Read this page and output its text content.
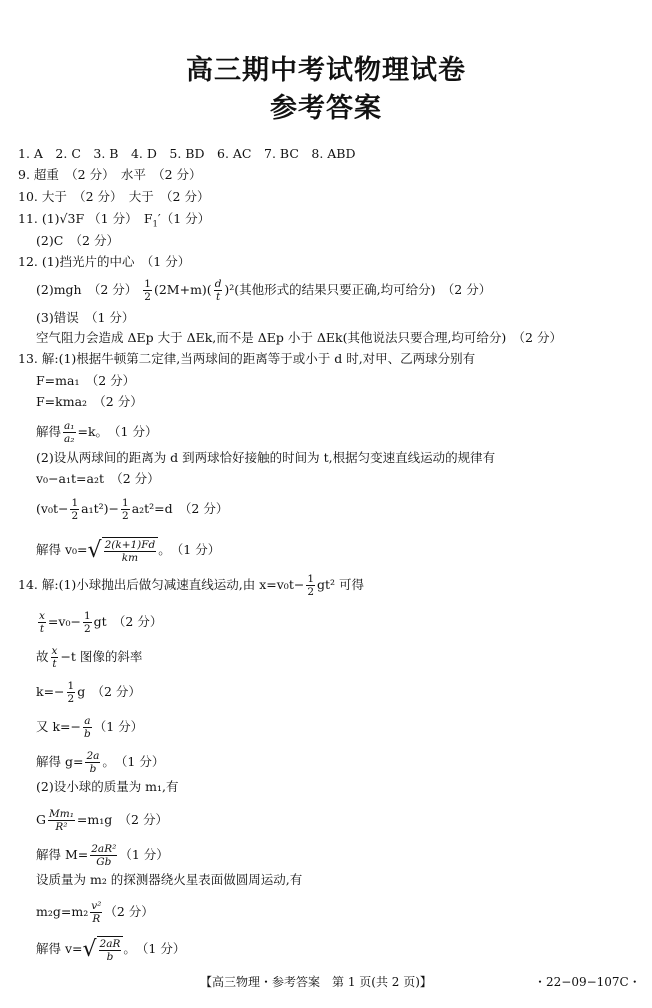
高三期中考试物理试卷
参考答案
1. A　2. C　3. B　4. D　5. BD　6. AC　7. BC　8. ABD
9. 超重　（2 分）　水平　（2 分）
10. 大于　（2 分）　大于　（2 分）
11. (1)√3F （1 分）　$F_1'(1$ 分）
(2)C　（2 分）
12. (1)挡光片的中心　（1 分）
(2)mgh　（2 分） $\frac{1}{2} (2M+m)( \frac{d}{t} )^2$(其他形式的结果只要正确,均可给分)　（2 分）
(3)错误　（1 分）
空气阻力会造成 ΔEp 大于 ΔEk,而不是 ΔEp 小于 ΔEk(其他说法只要合理,均可给分)　（2 分）
13. 解:(1)根据牛顿第二定律,当两球间的距离等于或小于 d 时,对甲、乙两球分别有
F=ma₁　（2 分）
F=kma₂　（2 分）
解得 $\frac{\text{a₁}}{\text{a₂}} =k$。　（1 分）
(2)设从两球间的距离为 d 到两球恰好接触的时间为 t,根据匀变速直线运动的规律有
v₀−a₁t=a₂t　（2 分）
$(v_0t- \frac{1}{2} a_1t^2)- \frac{1}{2} a_2t^2=d$　（2 分）
解得 $v_0=√ \frac{2(k+1)Fd}{km}$ 。　（1 分）
14. 解:(1)小球抛出后做匀减速直线运动,由 $x=v_0t- \frac{1}{2} gt^2$ 可得
$\frac{x}{t} =v_0- \frac{1}{2}$ gt　（2 分）
故 $\frac{x}{t} -t$ 图像的斜率
$k=- \frac{1}{2}$ g　（2 分）
又 $k=- \frac{a}{b} (1$ 分）
解得 $g= \frac{2a}{b}$ 。　（1 分）
(2)设小球的质量为 m₁,有
G $\frac{\text{Mm₁}}{\text{R²}} =m_1g$　（2 分）
解得 $M= \frac{\text{2aR²}}{Gb} (1$ 分）
设质量为 m₂ 的探测器绕火星表面做圆周运动,有
$m_2g=m_2 \frac{\text{v²}}{R} (2$ 分）
解得 $v=√ \frac{2aR}{b}$ 。　（1 分）
【高三物理・参考答案　第 1 页(共 2 页)】	・22−09−107C・
